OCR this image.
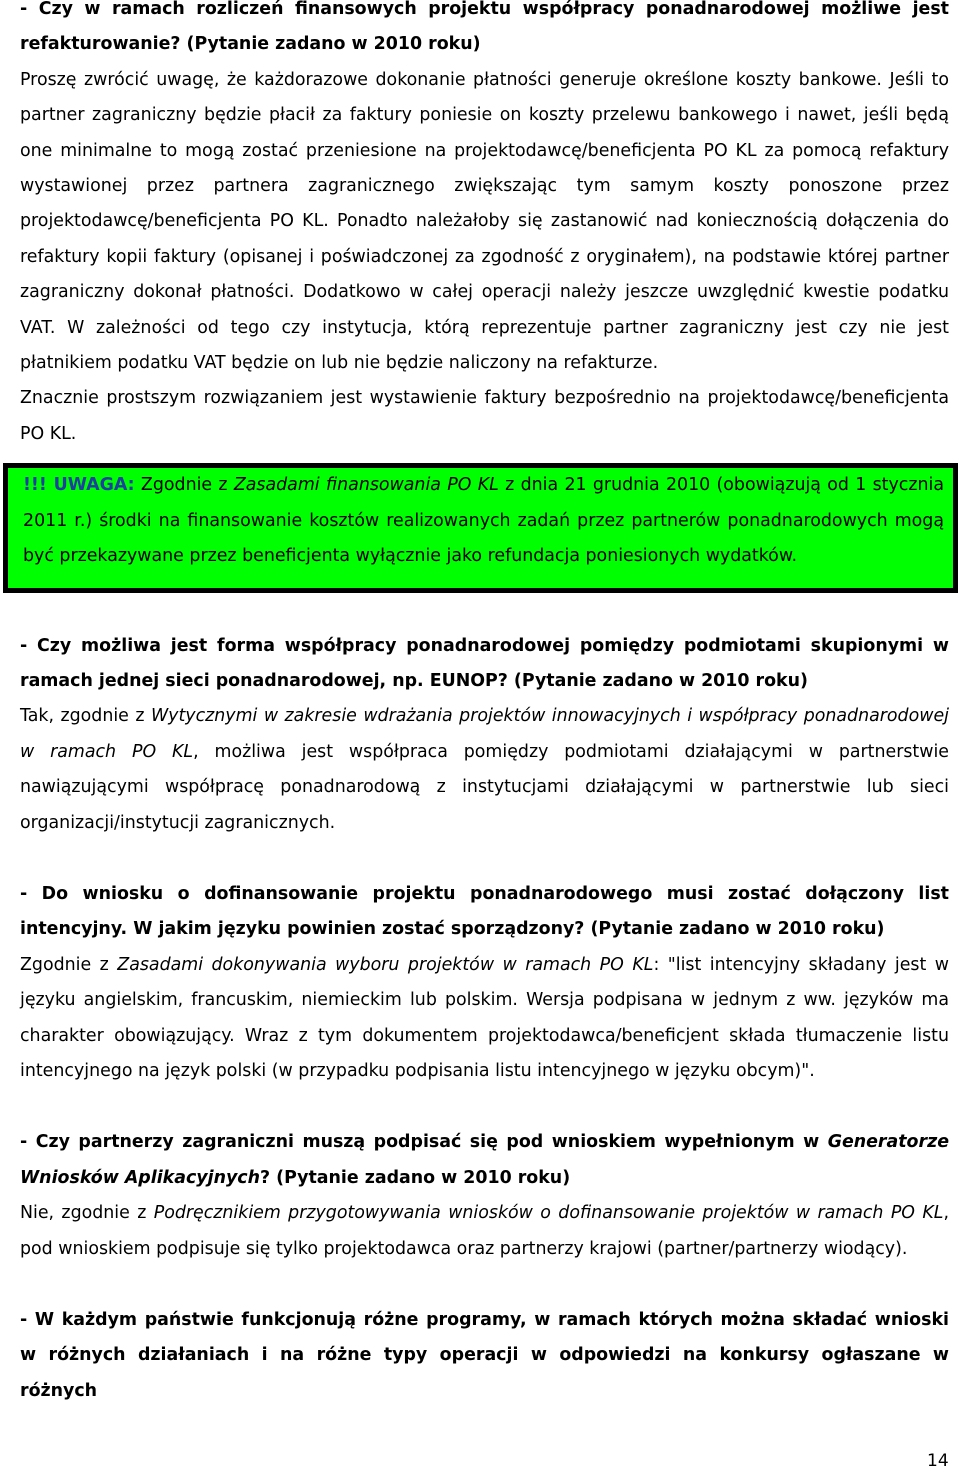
- Czy w ramach rozliczeń finansowych projektu współpracy ponadnarodowej możliwe jest refakturowanie? (Pytanie zadano w 2010 roku)

Proszę zwrócić uwagę, że każdorazowe dokonanie płatności generuje określone koszty bankowe. Jeśli to partner zagraniczny będzie płacił za faktury poniesie on koszty przelewu bankowego i nawet, jeśli będą one minimalne to mogą zostać przeniesione na projektodawcę/beneficjenta PO KL za pomocą refaktury wystawionej przez partnera zagranicznego zwiększając tym samym koszty ponoszone przez projektodawcę/beneficjenta PO KL. Ponadto należałoby się zastanowić nad koniecznością dołączenia do refaktury kopii faktury (opisanej i poświadczonej za zgodność z oryginałem), na podstawie której partner zagraniczny dokonał płatności. Dodatkowo w całej operacji należy jeszcze uwzględnić kwestie podatku VAT. W zależności od tego czy instytucja, którą reprezentuje partner zagraniczny jest czy nie jest płatnikiem podatku VAT będzie on lub nie będzie naliczony na refakturze.

Znacznie prostszym rozwiązaniem jest wystawienie faktury bezpośrednio na projektodawcę/beneficjenta PO KL.

!!! UWAGA: Zgodnie z Zasadami finansowania PO KL z dnia 21 grudnia 2010 (obowiązują od 1 stycznia 2011 r.) środki na finansowanie kosztów realizowanych zadań przez partnerów ponadnarodowych mogą być przekazywane przez beneficjenta wyłącznie jako refundacja poniesionych wydatków.

- Czy możliwa jest forma współpracy ponadnarodowej pomiędzy podmiotami skupionymi w ramach jednej sieci ponadnarodowej, np. EUNOP? (Pytanie zadano w 2010 roku)

Tak, zgodnie z Wytycznymi w zakresie wdrażania projektów innowacyjnych i współpracy ponadnarodowej w ramach PO KL, możliwa jest współpraca pomiędzy podmiotami działającymi w partnerstwie nawiązującymi współpracę ponadnarodową z instytucjami działającymi w partnerstwie lub sieci organizacji/instytucji zagranicznych.

- Do wniosku o dofinansowanie projektu ponadnarodowego musi zostać dołączony list intencyjny. W jakim języku powinien zostać sporządzony? (Pytanie zadano w 2010 roku)

Zgodnie z Zasadami dokonywania wyboru projektów w ramach PO KL: "list intencyjny składany jest w języku angielskim, francuskim, niemieckim lub polskim. Wersja podpisana w jednym z ww. języków ma charakter obowiązujący. Wraz z tym dokumentem projektodawca/beneficjent składa tłumaczenie listu intencyjnego na język polski (w przypadku podpisania listu intencyjnego w języku obcym)".

- Czy partnerzy zagraniczni muszą podpisać się pod wnioskiem wypełnionym w Generatorze Wniosków Aplikacyjnych? (Pytanie zadano w 2010 roku)

Nie, zgodnie z Podręcznikiem przygotowywania wniosków o dofinansowanie projektów w ramach PO KL, pod wnioskiem podpisuje się tylko projektodawca oraz partnerzy krajowi (partner/partnerzy wiodący).

- W każdym państwie funkcjonują różne programy, w ramach których można składać wnioski w różnych działaniach i na różne typy operacji w odpowiedzi na konkursy ogłaszane w różnych

14
